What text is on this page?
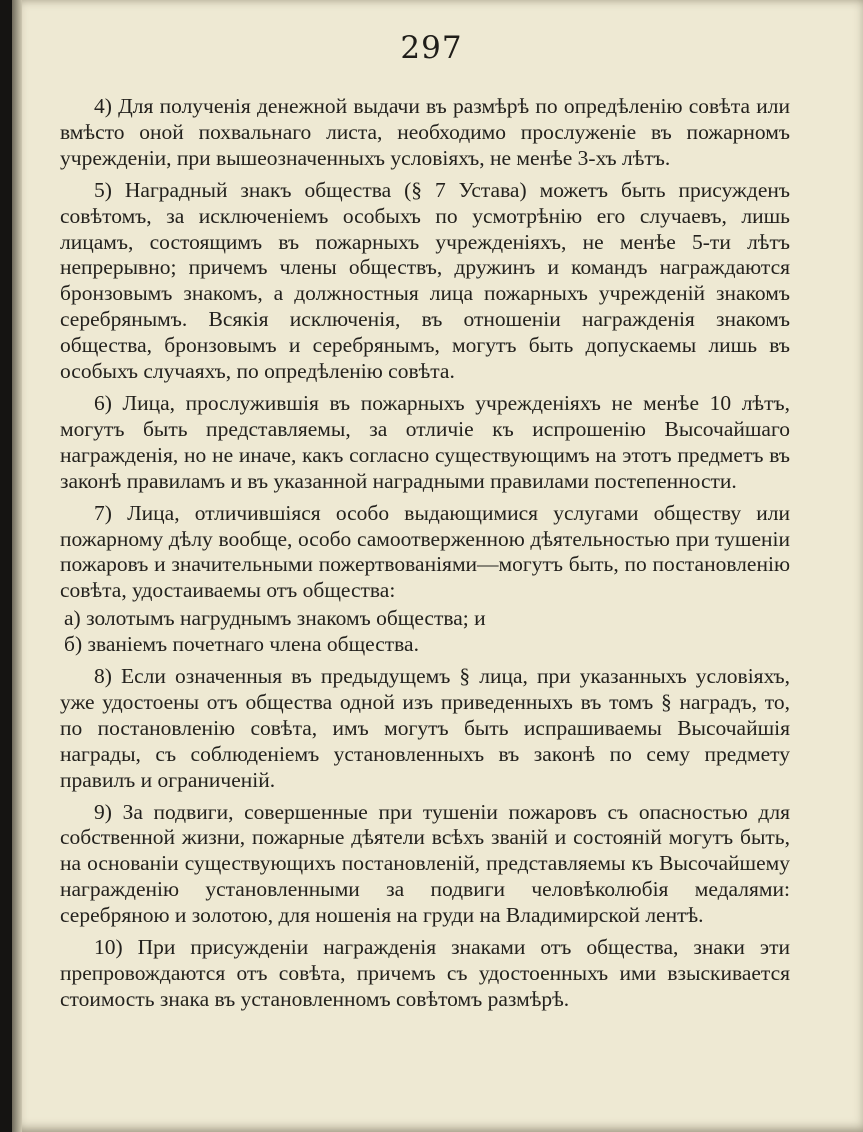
297

4) Для полученія денежной выдачи въ размѣрѣ по опредѣленію совѣта или вмѣсто оной похвальнаго листа, необходимо прослуженіе въ пожарномъ учрежденіи, при вышеозначенныхъ условіяхъ, не менѣе 3-хъ лѣтъ.

5) Наградный знакъ общества (§ 7 Устава) можетъ быть присужденъ совѣтомъ, за исключеніемъ особыхъ по усмотрѣнію его случаевъ, лишь лицамъ, состоящимъ въ пожарныхъ учрежденіяхъ, не менѣе 5-ти лѣтъ непрерывно; причемъ члены обществъ, дружинъ и командъ награждаются бронзовымъ знакомъ, а должностныя лица пожарныхъ учрежденій знакомъ серебрянымъ. Всякія исключенія, въ отношеніи награжденія знакомъ общества, бронзовымъ и серебрянымъ, могутъ быть допускаемы лишь въ особыхъ случаяхъ, по опредѣленію совѣта.

6) Лица, прослужившія въ пожарныхъ учрежденіяхъ не менѣе 10 лѣтъ, могутъ быть представляемы, за отличіе къ испрошенію Высочайшаго награжденія, но не иначе, какъ согласно существующимъ на этотъ предметъ въ законѣ правиламъ и въ указанной наградными правилами постепенности.

7) Лица, отличившіяся особо выдающимися услугами обществу или пожарному дѣлу вообще, особо самоотверженною дѣятельностью при тушеніи пожаровъ и значительными пожертвованіями—могутъ быть, по постановленію совѣта, удостаиваемы отъ общества:

а) золотымъ нагруднымъ знакомъ общества; и

б) званіемъ почетнаго члена общества.

8) Если означенныя въ предыдущемъ § лица, при указанныхъ условіяхъ, уже удостоены отъ общества одной изъ приведенныхъ въ томъ § наградъ, то, по постановленію совѣта, имъ могутъ быть испрашиваемы Высочайшія награды, съ соблюденіемъ установленныхъ въ законѣ по сему предмету правилъ и ограниченій.

9) За подвиги, совершенные при тушеніи пожаровъ съ опасностью для собственной жизни, пожарные дѣятели всѣхъ званій и состояній могутъ быть, на основаніи существующихъ постановленій, представляемы къ Высочайшему награжденію установленными за подвиги человѣколюбія медалями: серебряною и золотою, для ношенія на груди на Владимирской лентѣ.

10) При присужденіи награжденія знаками отъ общества, знаки эти препровождаются отъ совѣта, причемъ съ удостоенныхъ ими взыскивается стоимость знака въ установленномъ совѣтомъ размѣрѣ.
